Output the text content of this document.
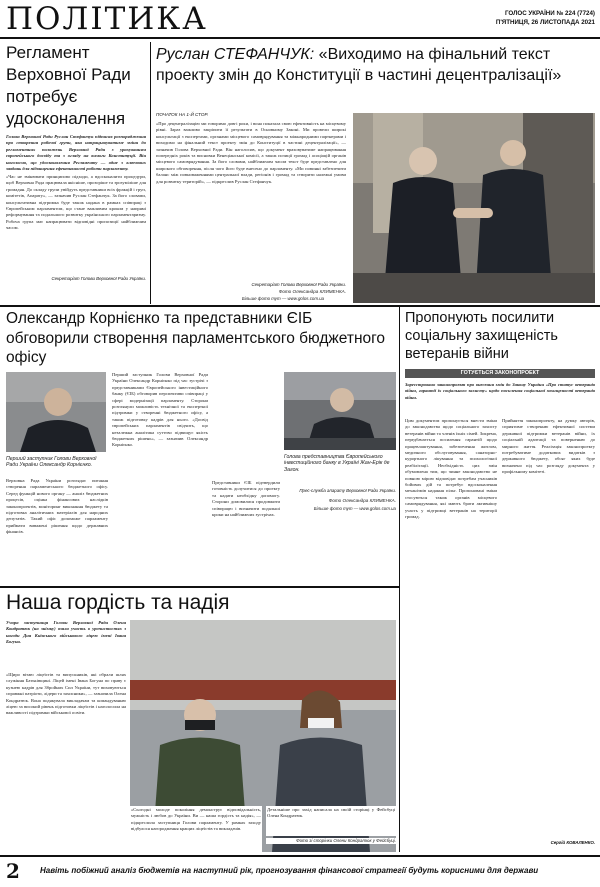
ПОЛІТИКА	ГОЛОС УКРАЇНИ № 224 (7724)
П'ЯТНИЦЯ, 26 ЛИСТОПАДА 2021
Регламент Верховної Ради потребує удосконалення
Голова Верховної Ради Руслан Стефанчук підписав розпорядження про створення робочої групи, яка напрацьовуватиме зміни до регламентних положень Верховної Ради з урахуванням європейського досвіду та з огляду на вимоги Конституції. Він наголосив, що удосконалення Регламенту — одне з ключових завдань для підвищення ефективності роботи парламенту.
«Час не змінювати принципово підходи, а вдосконалити процедури, щоб Верховна Рада працювала якісніше, прозоріше та зрозуміліше для громадян. До складу групи увійдуть представники всіх фракцій і груп, комітетів, Апарату», — зазначив Руслан Стефанчук. За його словами, консультативна підтримка буде також надана в рамках співпраці з Європейським парламентом, що стане важливим кроком у напрямі реформування та подальшого розвитку українського парламентаризму. Робоча група має напрацювати відповідні пропозиції найближчим часом.
Секретаріат Голови Верховної Ради України.
Руслан СТЕФАНЧУК: «Виходимо на фінальний текст проекту змін до Конституції в частині децентралізації»
ПОЧАТОК НА 1-Й СТОР.
«Про децентралізацію ми говоримо довгі роки, і вона показала свою ефективність на місцевому рівні. Зараз важливо закріпити її результати в Основному Законі. Ми провели широкі консультації з експертами, органами місцевого самоврядування та міжнародними партнерами і виходимо на фінальний текст проекту змін до Конституції в частині децентралізації», — зазначив Голова Верховної Ради. Він наголосив, що документ враховуватиме напрацювання попередніх років та висновки Венеціанської комісії, а також позиції громад і асоціацій органів місцевого самоврядування. За його словами, найближчим часом текст буде представлено для широкого обговорення, після чого його буде внесено до парламенту. «Ми повинні забезпечити баланс між повноваженнями центральної влади, регіонів і громад та створити належні умови для розвитку територій», — підкреслив Руслан Стефанчук.
Секретаріат Голови Верховної Ради України.
Фото Олександра КЛИМЕНКА.
Більше фото тут — www.golos.com.ua
Олександр Корнієнко та представники ЄІБ обговорили створення парламентського бюджетного офісу
Перший заступник Голови Верховної Ради України Олександр Корнієнко.
Верховна Рада України розглядає питання створення парламентського бюджетного офісу. Серед функцій нового органу — аналіз бюджетних процесів, оцінка фінансових наслідків законопроектів, моніторинг виконання бюджету та підготовка аналітичних матеріалів для народних депутатів. Такий офіс допоможе парламенту приймати виважені рішення щодо державних фінансів.
Перший заступник Голови Верховної Ради України Олександр Корнієнко під час зустрічі з представниками Європейського інвестиційного банку (ЄІБ) обговорив перспективи співпраці у сфері модернізації парламенту. Сторони розглянули можливість технічної та експертної підтримки у створенні бюджетного офісу, а також підготовку кадрів для нього. «Досвід європейських парламентів свідчить, що незалежна аналітика суттєво підвищує якість бюджетних рішень», — зазначив Олександр Корнієнко.
Голова представництва Європейського інвестиційного банку в Україні Жан-Ерік де Загон.
Представники ЄІБ підтвердили готовність долучитися до проекту та надати необхідну допомогу. Сторони домовилися продовжити співпрацю і визначити подальші кроки на найближчих зустрічах.
Прес-служба апарату Верховної Ради України.
Фото Олександра КЛИМЕНКА.
Більше фото тут — www.golos.com.ua
Пропонують посилити соціальну захищеність ветеранів війни
ГОТУЄТЬСЯ ЗАКОНОПРОЕКТ
Зареєстровано законопроект про внесення змін до Закону України «Про статус ветеранів війни, гарантії їх соціального захисту» щодо посилення соціальної захищеності ветеранів війни.
Цим документом пропонується внести зміни до законодавства щодо соціального захисту ветеранів війни та членів їхніх сімей. Зокрема, передбачається посилення гарантій щодо працевлаштування, забезпечення житлом, медичного обслуговування, санаторно-курортного лікування та психологічної реабілітації. Необхідність цих змін обумовлена тим, що чинне законодавство не повною мірою відповідає потребам учасників бойових дій та потребує вдосконалення механізмів надання пільг. Пропоновані зміни стосуються також органів місцевого самоврядування, які мають брати активнішу участь у підтримці ветеранів на території громад.
Прийняття законопроекту, на думку авторів, сприятиме створенню ефективної системи державної підтримки ветеранів війни, їх соціальній адаптації та поверненню до мирного життя. Реалізація законопроекту потребуватиме додаткових видатків з державного бюджету, обсяг яких буде визначено під час розгляду документа у профільному комітеті.
Сергій КОВАЛЕНКО.
Наша гордість та надія
Учора заступниця Голови Верховної Ради Олена Кондратюк (на знімку) взяла участь в урочистостях з нагоди Дня Київського військового ліцею імені Івана Богуна.
«Щиро вітаю ліцеїстів та випускників, які обрали шлях служіння Батьківщині. Ліцей імені Івана Богуна по праву є кузнею кадрів для Збройних Сил України, тут виховуються справжні патріоти, лідери та захисники», — зазначила Олена Кондратюк. Вона подякувала викладачам та командуванню ліцею за високий рівень підготовки ліцеїстів і наголосила на важливості підтримки військової освіти.
«Сьогодні молоде покоління демонструє відповідальність, мужність і любов до України. Ви — наша гордість та надія», — підкреслила заступниця Голови парламенту. У рамках заходу відбулося нагородження кращих ліцеїстів та викладачів.
Детальніше про захід написала на своїй сторінці у Фейсбуці Олена Кондратюк.
Фото зі сторінки Олени Кондратюк у Фейсбуці.
2	Навіть побіжний аналіз бюджетів на наступний рік, прогнозування фінансової стратегії будуть корисними для держави
